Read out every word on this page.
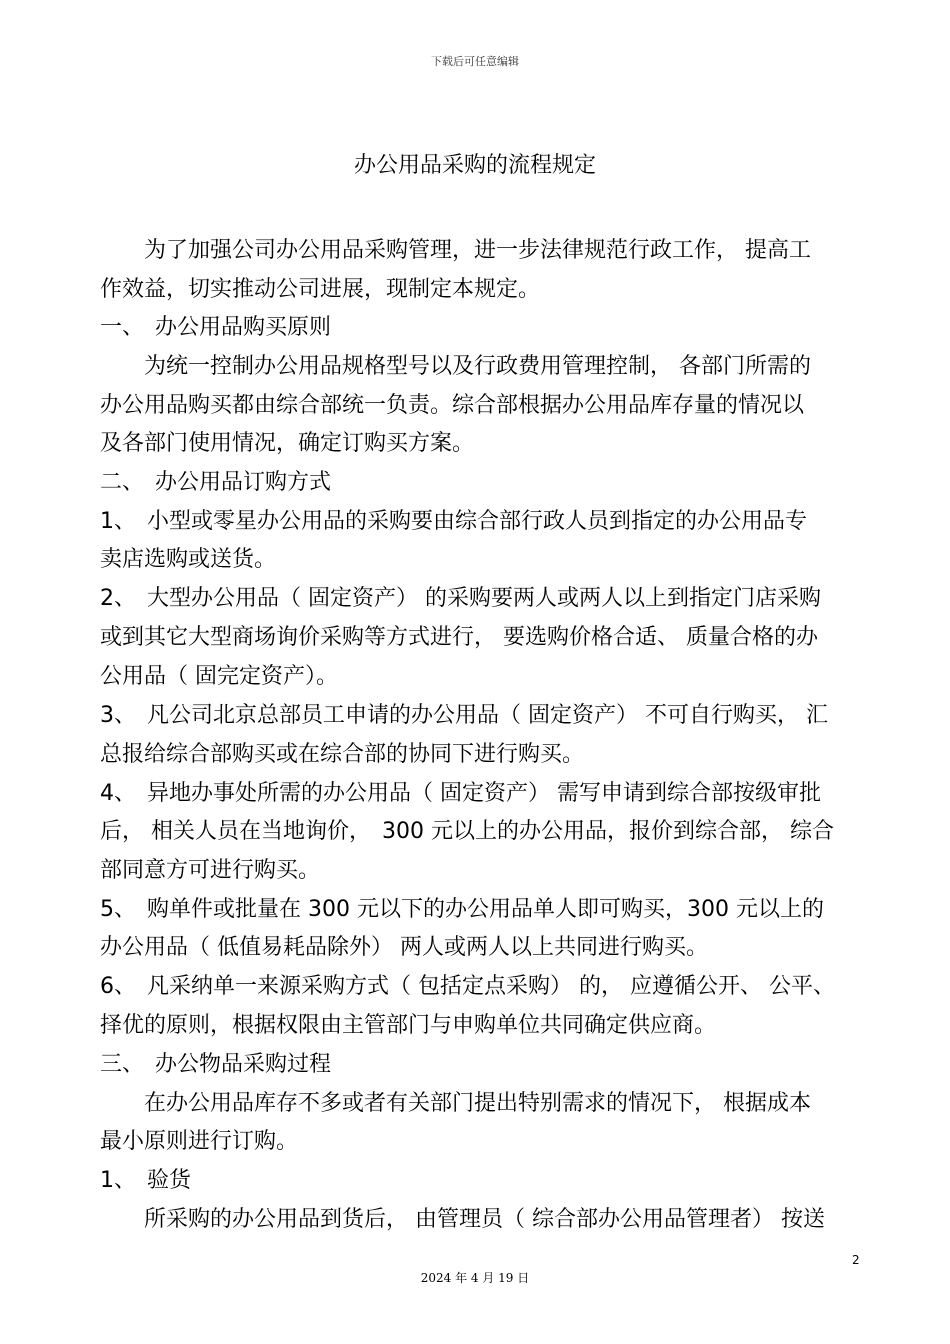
下载后可任意编辑
办公用品采购的流程规定
　　为了加强公司办公用品采购管理，进一步法律规范行政工作， 提高工
作效益，切实推动公司进展，现制定本规定。
一、　办公用品购买原则
　　为统一控制办公用品规格型号以及行政费用管理控制， 各部门所需的
办公用品购买都由综合部统一负责。综合部根据办公用品库存量的情况以
及各部门使用情况，确定订购买方案。
二、　办公用品订购方式
1、　小型或零星办公用品的采购要由综合部行政人员到指定的办公用品专
卖店选购或送货。
2、　大型办公用品（ 固定资产） 的采购要两人或两人以上到指定门店采购
或到其它大型商场询价采购等方式进行， 要选购价格合适、 质量合格的办
公用品（ 固完定资产）。
3、　凡公司北京总部员工申请的办公用品（ 固定资产） 不可自行购买， 汇
总报给综合部购买或在综合部的协同下进行购买。
4、　异地办事处所需的办公用品（ 固定资产） 需写申请到综合部按级审批
后， 相关人员在当地询价，　300 元以上的办公用品，报价到综合部， 综合
部同意方可进行购买。
5、　购单件或批量在 300 元以下的办公用品单人即可购买，300 元以上的
办公用品（ 低值易耗品除外） 两人或两人以上共同进行购买。
6、　凡采纳单一来源采购方式（ 包括定点采购） 的， 应遵循公开、 公平、
择优的原则，根据权限由主管部门与申购单位共同确定供应商。
三、　办公物品采购过程
　　在办公用品库存不多或者有关部门提出特别需求的情况下， 根据成本
最小原则进行订购。
1、　验货
　　所采购的办公用品到货后， 由管理员（ 综合部办公用品管理者） 按送
2
2024 年 4 月 19 日
